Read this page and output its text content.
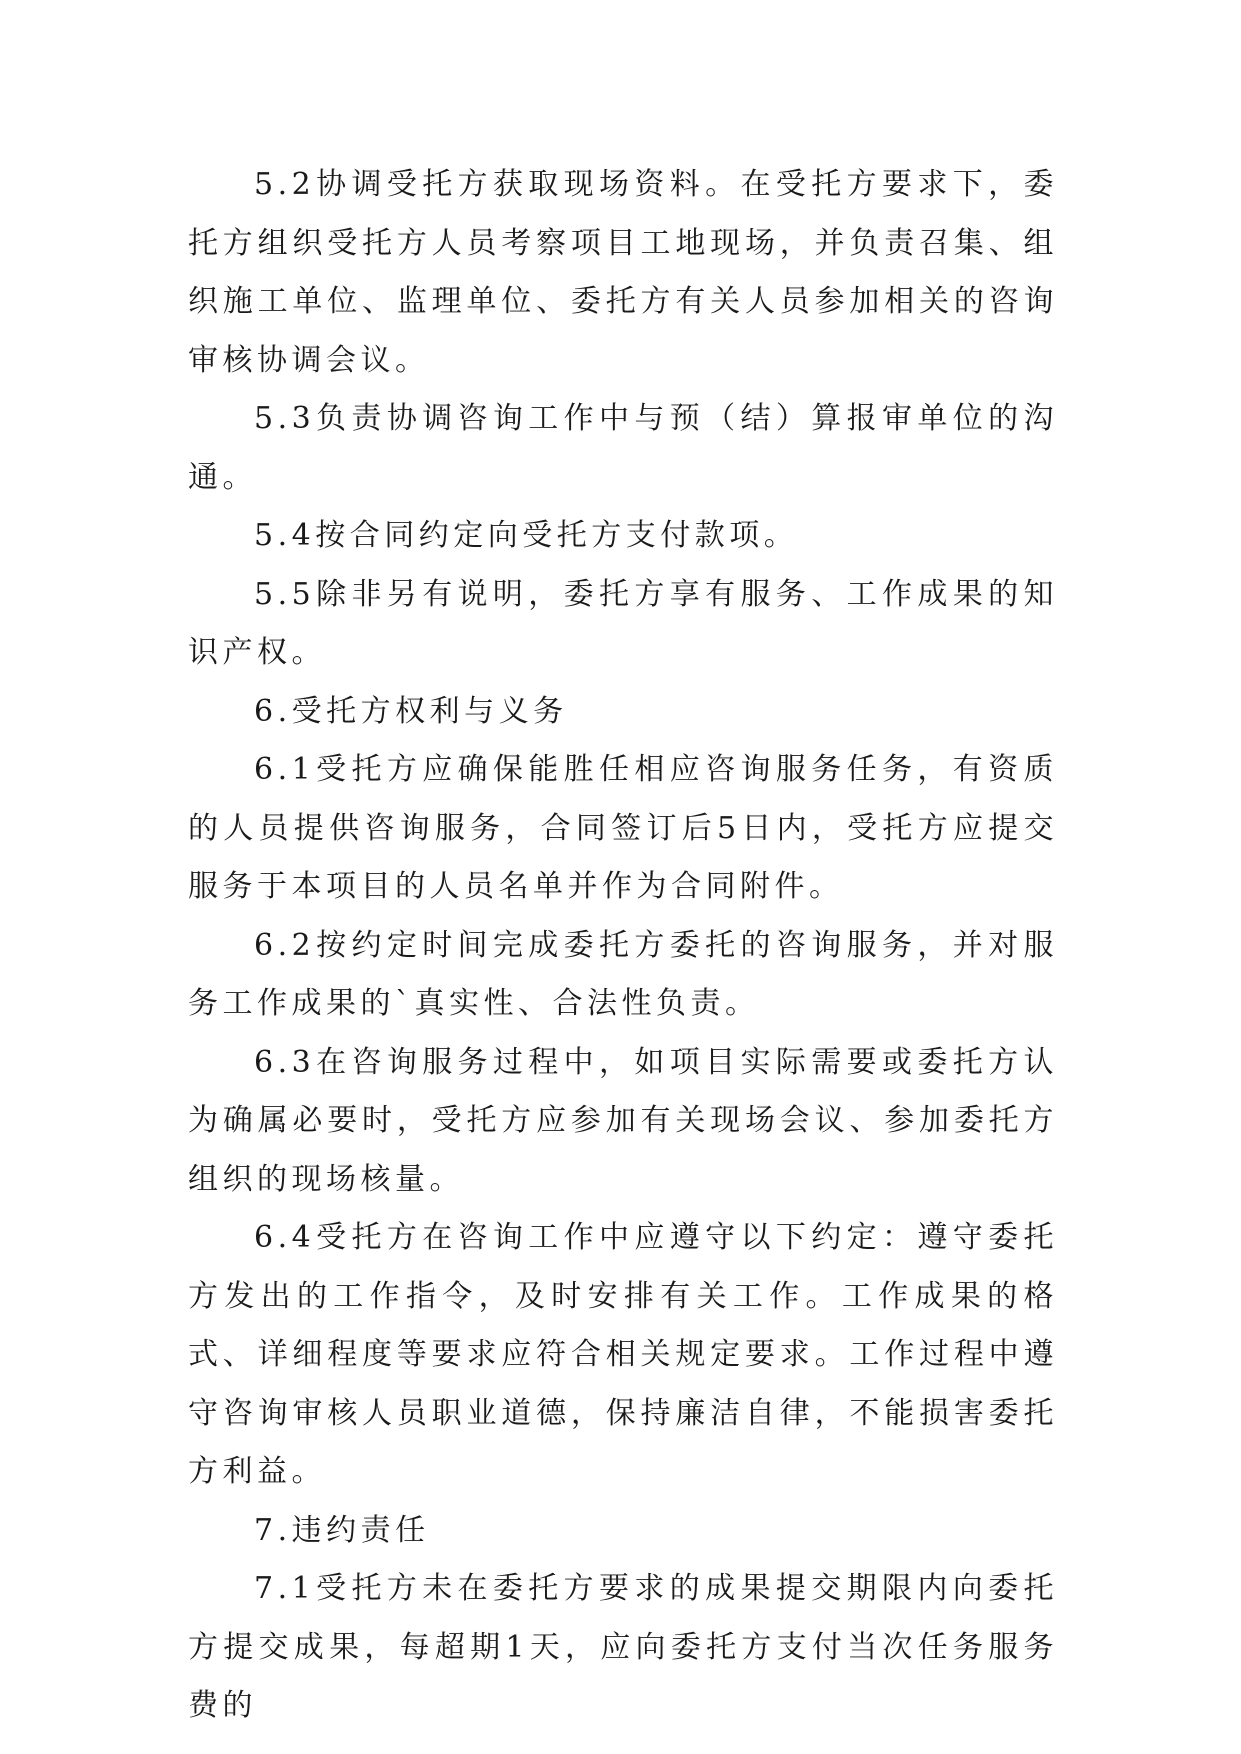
5.2协调受托方获取现场资料。在受托方要求下，委托方组织受托方人员考察项目工地现场，并负责召集、组织施工单位、监理单位、委托方有关人员参加相关的咨询审核协调会议。

5.3负责协调咨询工作中与预（结）算报审单位的沟通。

5.4按合同约定向受托方支付款项。

5.5除非另有说明，委托方享有服务、工作成果的知识产权。

6.受托方权利与义务

6.1受托方应确保能胜任相应咨询服务任务，有资质的人员提供咨询服务，合同签订后5日内，受托方应提交服务于本项目的人员名单并作为合同附件。

6.2按约定时间完成委托方委托的咨询服务，并对服务工作成果的`真实性、合法性负责。

6.3在咨询服务过程中，如项目实际需要或委托方认为确属必要时，受托方应参加有关现场会议、参加委托方组织的现场核量。

6.4受托方在咨询工作中应遵守以下约定：遵守委托方发出的工作指令，及时安排有关工作。工作成果的格式、详细程度等要求应符合相关规定要求。工作过程中遵守咨询审核人员职业道德，保持廉洁自律，不能损害委托方利益。

7.违约责任

7.1受托方未在委托方要求的成果提交期限内向委托方提交成果，每超期1天，应向委托方支付当次任务服务费的
